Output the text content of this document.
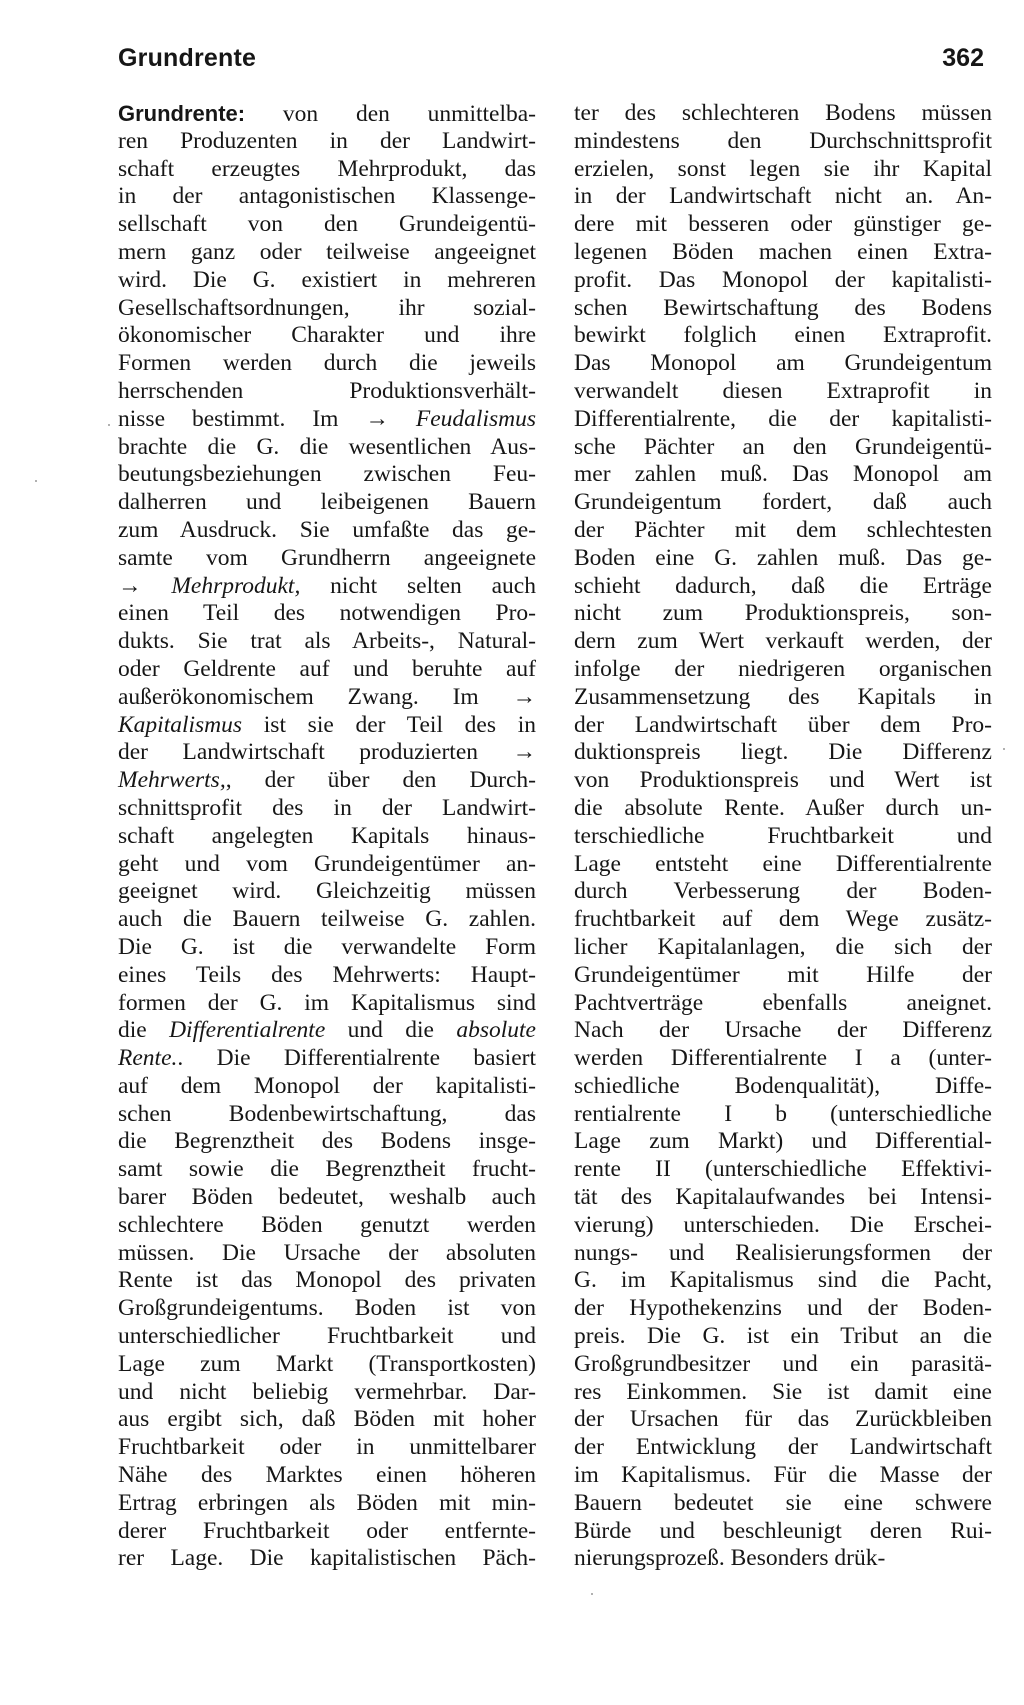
Grundrente	362
Grundrente: von den unmittelba-
ren Produzenten in der Landwirt-
schaft erzeugtes Mehrprodukt, das
in der antagonistischen Klassenge-
sellschaft von den Grundeigentü-
mern ganz oder teilweise angeeignet
wird. Die G. existiert in mehreren
Gesellschaftsordnungen, ihr sozial-
ökonomischer Charakter und ihre
Formen werden durch die jeweils
herrschenden Produktionsverhält-
nisse bestimmt. Im → Feudalismus
brachte die G. die wesentlichen Aus-
beutungsbeziehungen zwischen Feu-
dalherren und leibeigenen Bauern
zum Ausdruck. Sie umfaßte das ge-
samte vom Grundherrn angeeignete
→ Mehrprodukt, nicht selten auch
einen Teil des notwendigen Pro-
dukts. Sie trat als Arbeits-, Natural-
oder Geldrente auf und beruhte auf
außerökonomischem Zwang. Im →
Kapitalismus ist sie der Teil des in
der Landwirtschaft produzierten →
Mehrwerts,, der über den Durch-
schnittsprofit des in der Landwirt-
schaft angelegten Kapitals hinaus-
geht und vom Grundeigentümer an-
geeignet wird. Gleichzeitig müssen
auch die Bauern teilweise G. zahlen.
Die G. ist die verwandelte Form
eines Teils des Mehrwerts: Haupt-
formen der G. im Kapitalismus sind
die Differentialrente und die absolute
Rente.. Die Differentialrente basiert
auf dem Monopol der kapitalisti-
schen Bodenbewirtschaftung, das
die Begrenztheit des Bodens insge-
samt sowie die Begrenztheit frucht-
barer Böden bedeutet, weshalb auch
schlechtere Böden genutzt werden
müssen. Die Ursache der absoluten
Rente ist das Monopol des privaten
Großgrundeigentums. Boden ist von
unterschiedlicher Fruchtbarkeit und
Lage zum Markt (Transportkosten)
und nicht beliebig vermehrbar. Dar-
aus ergibt sich, daß Böden mit hoher
Fruchtbarkeit oder in unmittelbarer
Nähe des Marktes einen höheren
Ertrag erbringen als Böden mit min-
derer Fruchtbarkeit oder entfernte-
rer Lage. Die kapitalistischen Päch-
ter des schlechteren Bodens müssen
mindestens den Durchschnittsprofit
erzielen, sonst legen sie ihr Kapital
in der Landwirtschaft nicht an. An-
dere mit besseren oder günstiger ge-
legenen Böden machen einen Extra-
profit. Das Monopol der kapitalisti-
schen Bewirtschaftung des Bodens
bewirkt folglich einen Extraprofit.
Das Monopol am Grundeigentum
verwandelt diesen Extraprofit in
Differentialrente, die der kapitalisti-
sche Pächter an den Grundeigentü-
mer zahlen muß. Das Monopol am
Grundeigentum fordert, daß auch
der Pächter mit dem schlechtesten
Boden eine G. zahlen muß. Das ge-
schieht dadurch, daß die Erträge
nicht zum Produktionspreis, son-
dern zum Wert verkauft werden, der
infolge der niedrigeren organischen
Zusammensetzung des Kapitals in
der Landwirtschaft über dem Pro-
duktionspreis liegt. Die Differenz
von Produktionspreis und Wert ist
die absolute Rente. Außer durch un-
terschiedliche Fruchtbarkeit und
Lage entsteht eine Differentialrente
durch Verbesserung der Boden-
fruchtbarkeit auf dem Wege zusätz-
licher Kapitalanlagen, die sich der
Grundeigentümer mit Hilfe der
Pachtverträge ebenfalls aneignet.
Nach der Ursache der Differenz
werden Differentialrente I a (unter-
schiedliche Bodenqualität), Diffe-
rentialrente I b (unterschiedliche
Lage zum Markt) und Differential-
rente II (unterschiedliche Effektivi-
tät des Kapitalaufwandes bei Intensi-
vierung) unterschieden. Die Erschei-
nungs- und Realisierungsformen der
G. im Kapitalismus sind die Pacht,
der Hypothekenzins und der Boden-
preis. Die G. ist ein Tribut an die
Großgrundbesitzer und ein parasitä-
res Einkommen. Sie ist damit eine
der Ursachen für das Zurückbleiben
der Entwicklung der Landwirtschaft
im Kapitalismus. Für die Masse der
Bauern bedeutet sie eine schwere
Bürde und beschleunigt deren Rui-
nierungsprozeß. Besonders drük-
